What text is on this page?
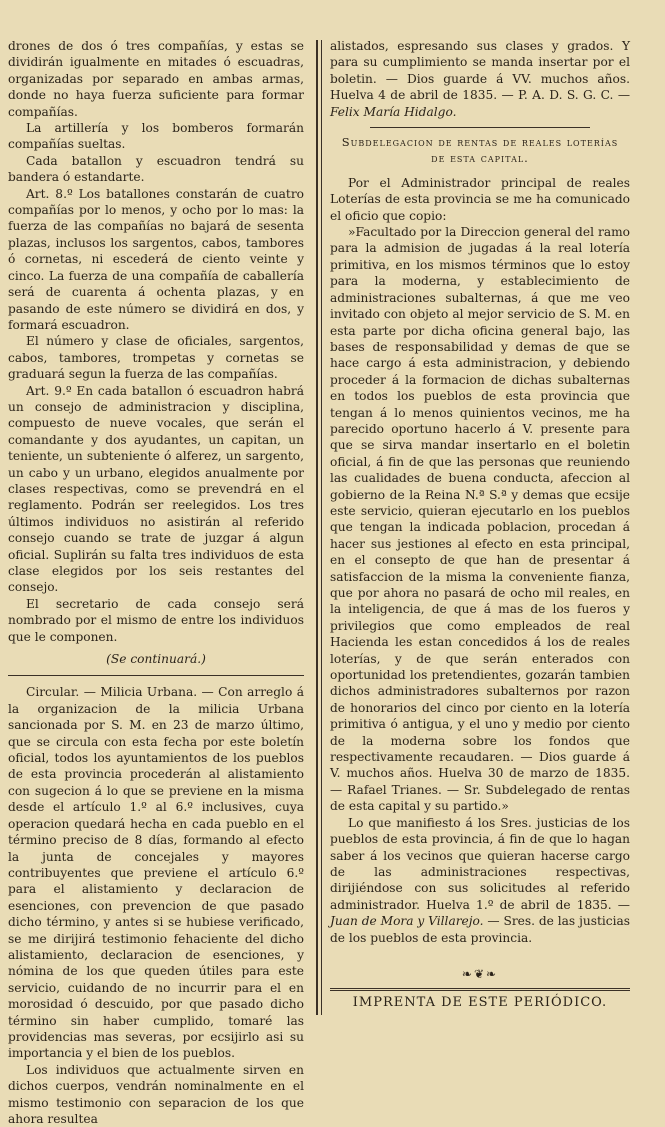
drones de dos ó tres compañías, y estas se dividirán igualmente en mitades ó escuadras, organizadas por separado en ambas armas, donde no haya fuerza suficiente para formar compañías.

La artillería y los bomberos formarán compañías sueltas.

Cada batallon y escuadron tendrá su bandera ó estandarte.

Art. 8.º Los batallones constarán de cuatro compañías por lo menos, y ocho por lo mas: la fuerza de las compañías no bajará de sesenta plazas, inclusos los sargentos, cabos, tambores ó cornetas, ni escederá de ciento veinte y cinco. La fuerza de una compañía de caballería será de cuarenta á ochenta plazas, y en pasando de este número se dividirá en dos, y formará escuadron.

El número y clase de oficiales, sargentos, cabos, tambores, trompetas y cornetas se graduará segun la fuerza de las compañías.

Art. 9.º En cada batallon ó escuadron habrá un consejo de administracion y disciplina, compuesto de nueve vocales, que serán el comandante y dos ayudantes, un capitan, un teniente, un subteniente ó alferez, un sargento, un cabo y un urbano, elegidos anualmente por clases respectivas, como se prevendrá en el reglamento. Podrán ser reelegidos. Los tres últimos individuos no asistirán al referido consejo cuando se trate de juzgar á algun oficial. Suplirán su falta tres individuos de esta clase elegidos por los seis restantes del consejo.

El secretario de cada consejo será nombrado por el mismo de entre los individuos que le componen.

(Se continuará.)

Circular. — Milicia Urbana. — Con arreglo á la organizacion de la milicia Urbana sancionada por S. M. en 23 de marzo último, que se circula con esta fecha por este boletín oficial, todos los ayuntamientos de los pueblos de esta provincia procederán al alistamiento con sugecion á lo que se previene en la misma desde el artículo 1.º al 6.º inclusives, cuya operacion quedará hecha en cada pueblo en el término preciso de 8 días, formando al efecto la junta de concejales y mayores contribuyentes que previene el artículo 6.º para el alistamiento y declaracion de esenciones, con prevencion de que pasado dicho término, y antes si se hubiese verificado, se me dirijirá testimonio fehaciente del dicho alistamiento, declaracion de esenciones, y nómina de los que queden útiles para este servicio, cuidando de no incurrir para el en morosidad ó descuido, por que pasado dicho término sin haber cumplido, tomaré las providencias mas severas, por ecsijirlo asi su importancia y el bien de los pueblos.

Los individuos que actualmente sirven en dichos cuerpos, vendrán nominalmente en el mismo testimonio con separacion de los que ahora resultea

alistados, espresando sus clases y grados. Y para su cumplimiento se manda insertar por el boletin. — Dios guarde á VV. muchos años. Huelva 4 de abril de 1835. — P. A. D. S. G. C. — Felix María Hidalgo.

Subdelegacion de rentas de reales loterías

de esta capital.

Por el Administrador principal de reales Loterías de esta provincia se me ha comunicado el oficio que copio:

»Facultado por la Direccion general del ramo para la admision de jugadas á la real lotería primitiva, en los mismos términos que lo estoy para la moderna, y establecimiento de administraciones subalternas, á que me veo invitado con objeto al mejor servicio de S. M. en esta parte por dicha oficina general bajo, las bases de responsabilidad y demas de que se hace cargo á esta administracion, y debiendo proceder á la formacion de dichas subalternas en todos los pueblos de esta provincia que tengan á lo menos quinientos vecinos, me ha parecido oportuno hacerlo á V. presente para que se sirva mandar insertarlo en el boletin oficial, á fin de que las personas que reuniendo las cualidades de buena conducta, afeccion al gobierno de la Reina N.ª S.ª y demas que ecsije este servicio, quieran ejecutarlo en los pueblos que tengan la indicada poblacion, procedan á hacer sus jestiones al efecto en esta principal, en el consepto de que han de presentar á satisfaccion de la misma la conveniente fianza, que por ahora no pasará de ocho mil reales, en la inteligencia, de que á mas de los fueros y privilegios que como empleados de real Hacienda les estan concedidos á los de reales loterías, y de que serán enterados con oportunidad los pretendientes, gozarán tambien dichos administradores subalternos por razon de honorarios del cinco por ciento en la lotería primitiva ó antigua, y el uno y medio por ciento de la moderna sobre los fondos que respectivamente recaudaren. — Dios guarde á V. muchos años. Huelva 30 de marzo de 1835. — Rafael Trianes. — Sr. Subdelegado de rentas de esta capital y su partido.»

Lo que manifiesto á los Sres. justicias de los pueblos de esta provincia, á fin de que lo hagan saber á los vecinos que quieran hacerse cargo de las administraciones respectivas, dirijiéndose con sus solicitudes al referido administrador. Huelva 1.º de abril de 1835. — Juan de Mora y Villarejo. — Sres. de las justicias de los pueblos de esta provincia.

❧❦❧

IMPRENTA DE ESTE PERIÓDICO.
